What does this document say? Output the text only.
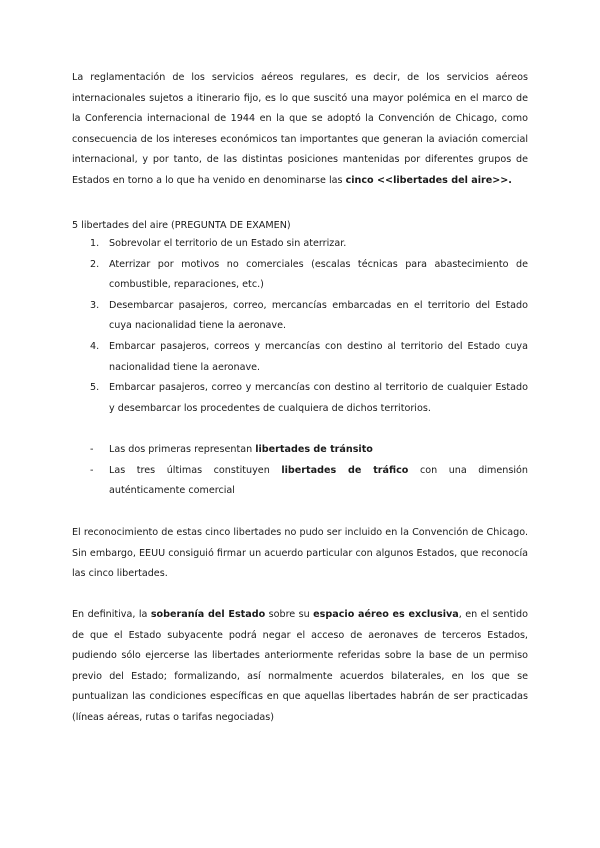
La reglamentación de los servicios aéreos regulares, es decir, de los servicios aéreos internacionales sujetos a itinerario fijo, es lo que suscitó una mayor polémica en el marco de la Conferencia internacional de 1944 en la que se adoptó la Convención de Chicago, como consecuencia de los intereses económicos tan importantes que generan la aviación comercial internacional, y por tanto, de las distintas posiciones mantenidas por diferentes grupos de Estados en torno a lo que ha venido en denominarse las cinco <<libertades del aire>>.

5 libertades del aire (PREGUNTA DE EXAMEN)

1. Sobrevolar el territorio de un Estado sin aterrizar.
2. Aterrizar por motivos no comerciales (escalas técnicas para abastecimiento de combustible, reparaciones, etc.)
3. Desembarcar pasajeros, correo, mercancías embarcadas en el territorio del Estado cuya nacionalidad tiene la aeronave.
4. Embarcar pasajeros, correos y mercancías con destino al territorio del Estado cuya nacionalidad tiene la aeronave.
5. Embarcar pasajeros, correo y mercancías con destino al territorio de cualquier Estado y desembarcar los procedentes de cualquiera de dichos territorios.
- Las dos primeras representan libertades de tránsito
- Las tres últimas constituyen libertades de tráfico con una dimensión auténticamente comercial

El reconocimiento de estas cinco libertades no pudo ser incluido en la Convención de Chicago. Sin embargo, EEUU consiguió firmar un acuerdo particular con algunos Estados, que reconocía las cinco libertades.

En definitiva, la soberanía del Estado sobre su espacio aéreo es exclusiva, en el sentido de que el Estado subyacente podrá negar el acceso de aeronaves de terceros Estados, pudiendo sólo ejercerse las libertades anteriormente referidas sobre la base de un permiso previo del Estado; formalizando, así normalmente acuerdos bilaterales, en los que se puntualizan las condiciones específicas en que aquellas libertades habrán de ser practicadas (líneas aéreas, rutas o tarifas negociadas)
